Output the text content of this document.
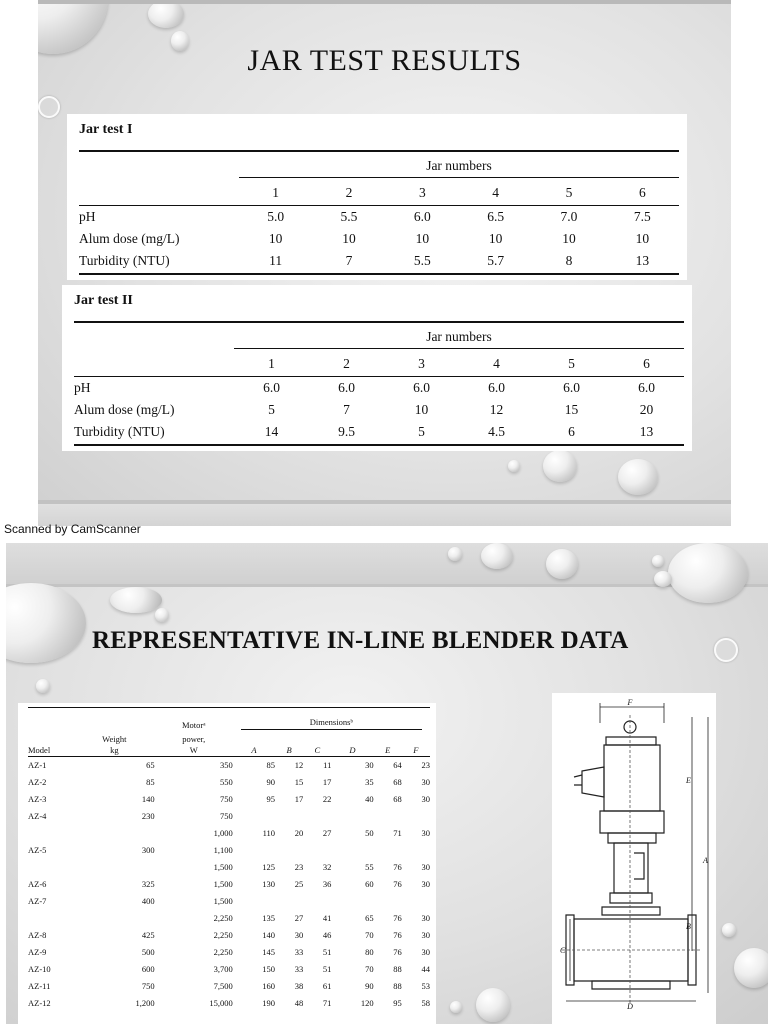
JAR TEST RESULTS
Jar test I

	Jar numbers					

	1	2	3	4	5	6
pH	5.0	5.5	6.0	6.5	7.0	7.5
Alum dose (mg/L)	10	10	10	10	10	10
Turbidity (NTU)	11	7	5.5	5.7	8	13
Jar test II

	Jar numbers					

	1	2	3	4	5	6
pH	6.0	6.0	6.0	6.0	6.0	6.0
Alum dose (mg/L)	5	7	10	12	15	20
Turbidity (NTU)	14	9.5	5	4.5	6	13
Scanned by CamScanner
REPRESENTATIVE IN-LINE BLENDER DATA
		Motorᵃ	Dimensionsᵇ					

	Weight	power,						
Model	kg	W	A	B	C	D	E	F
AZ-1	65	350	85	12	11	30	64	23
AZ-2	85	550	90	15	17	35	68	30
AZ-3	140	750	95	17	22	40	68	30
AZ-4	230	750						
		1,000	110	20	27	50	71	30
AZ-5	300	1,100						
		1,500	125	23	32	55	76	30
AZ-6	325	1,500	130	25	36	60	76	30
AZ-7	400	1,500						
		2,250	135	27	41	65	76	30
AZ-8	425	2,250	140	30	46	70	76	30
AZ-9	500	2,250	145	33	51	80	76	30
AZ-10	600	3,700	150	33	51	70	88	44
AZ-11	750	7,500	160	38	61	90	88	53
AZ-12	1,200	15,000	190	48	71	120	95	58
F
E
A
B
C
D
